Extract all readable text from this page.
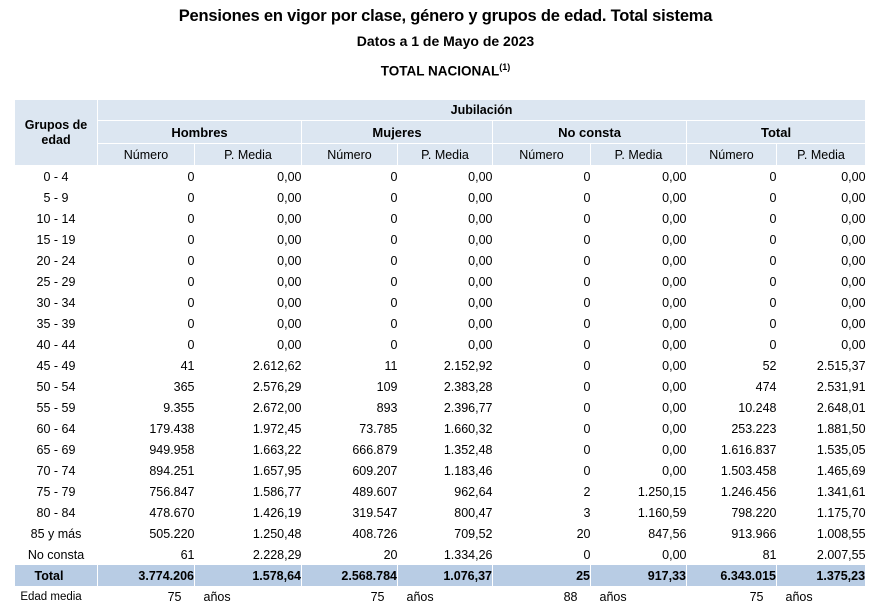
Pensiones en vigor por clase, género y grupos de edad. Total sistema
Datos a 1 de Mayo de 2023
TOTAL NACIONAL$^{(1)}$
Grupos de edad	Jubilación							
	Hombres		Mujeres		No consta		Total	
	Número	P. Media	Número	P. Media	Número	P. Media	Número	P. Media
0 - 4	0	0,00	0	0,00	0	0,00	0	0,00
5 - 9	0	0,00	0	0,00	0	0,00	0	0,00
10 - 14	0	0,00	0	0,00	0	0,00	0	0,00
15 - 19	0	0,00	0	0,00	0	0,00	0	0,00
20 - 24	0	0,00	0	0,00	0	0,00	0	0,00
25 - 29	0	0,00	0	0,00	0	0,00	0	0,00
30 - 34	0	0,00	0	0,00	0	0,00	0	0,00
35 - 39	0	0,00	0	0,00	0	0,00	0	0,00
40 - 44	0	0,00	0	0,00	0	0,00	0	0,00
45 - 49	41	2.612,62	11	2.152,92	0	0,00	52	2.515,37
50 - 54	365	2.576,29	109	2.383,28	0	0,00	474	2.531,91
55 - 59	9.355	2.672,00	893	2.396,77	0	0,00	10.248	2.648,01
60 - 64	179.438	1.972,45	73.785	1.660,32	0	0,00	253.223	1.881,50
65 - 69	949.958	1.663,22	666.879	1.352,48	0	0,00	1.616.837	1.535,05
70 - 74	894.251	1.657,95	609.207	1.183,46	0	0,00	1.503.458	1.465,69
75 - 79	756.847	1.586,77	489.607	962,64	2	1.250,15	1.246.456	1.341,61
80 - 84	478.670	1.426,19	319.547	800,47	3	1.160,59	798.220	1.175,70
85 y más	505.220	1.250,48	408.726	709,52	20	847,56	913.966	1.008,55
No consta	61	2.228,29	20	1.334,26	0	0,00	81	2.007,55
Total	3.774.206	1.578,64	2.568.784	1.076,37	25	917,33	6.343.015	1.375,23
Edad media	75	años	75	años	88	años	75	años
